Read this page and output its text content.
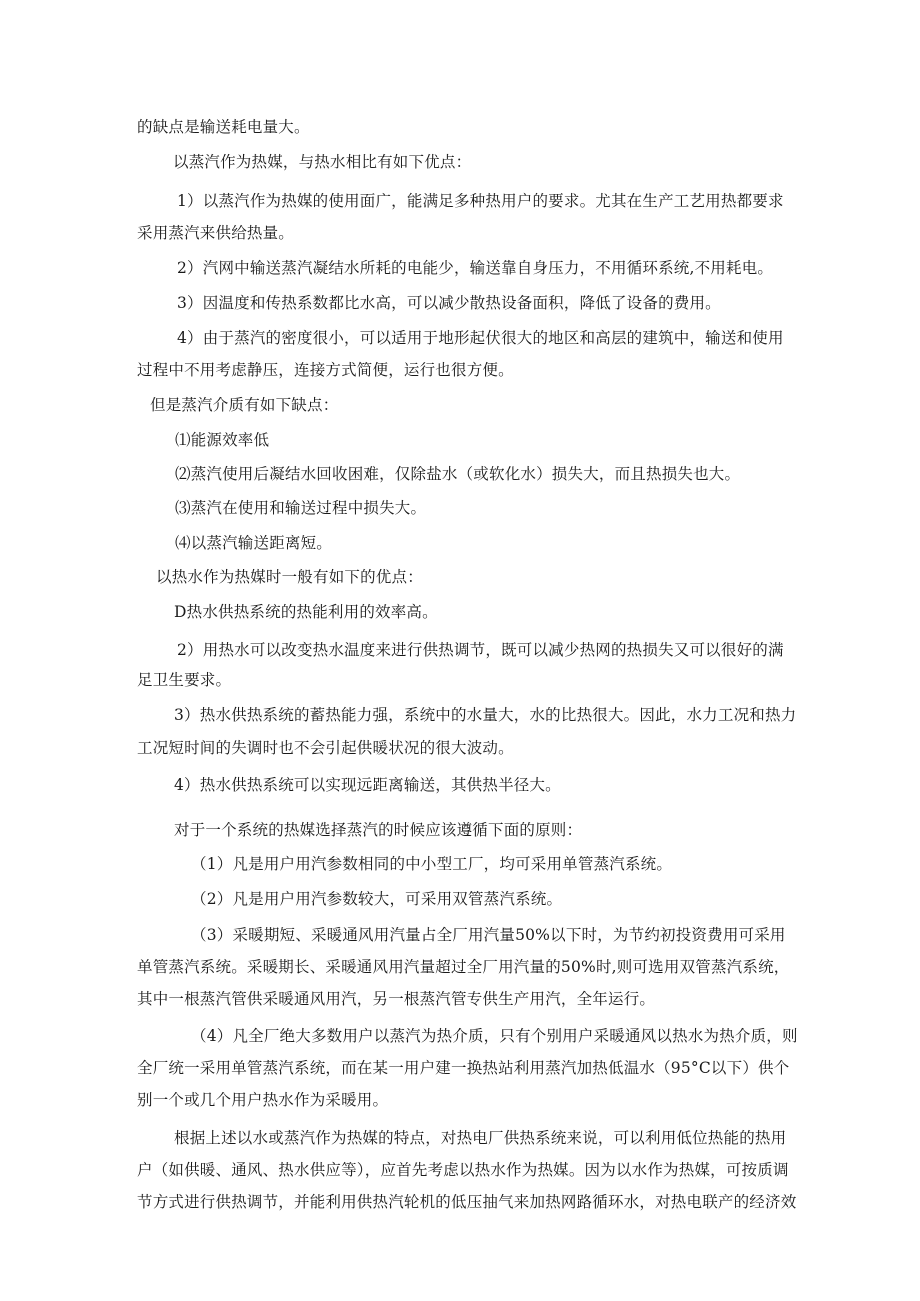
的缺点是输送耗电量大。
以蒸汽作为热媒，与热水相比有如下优点：
1）以蒸汽作为热媒的使用面广，能满足多种热用户的要求。尤其在生产工艺用热都要求
采用蒸汽来供给热量。
2）汽网中输送蒸汽凝结水所耗的电能少，输送靠自身压力，不用循环系统,不用耗电。
3）因温度和传热系数都比水高，可以减少散热设备面积，降低了设备的费用。
4）由于蒸汽的密度很小，可以适用于地形起伏很大的地区和高层的建筑中，输送和使用
过程中不用考虑静压，连接方式简便，运行也很方便。
但是蒸汽介质有如下缺点：
⑴能源效率低
⑵蒸汽使用后凝结水回收困难，仅除盐水（或软化水）损失大，而且热损失也大。
⑶蒸汽在使用和输送过程中损失大。
⑷以蒸汽输送距离短。
以热水作为热媒时一般有如下的优点：
D热水供热系统的热能利用的效率高。
2）用热水可以改变热水温度来进行供热调节，既可以减少热网的热损失又可以很好的满
足卫生要求。
3）热水供热系统的蓄热能力强，系统中的水量大，水的比热很大。因此，水力工况和热力
工况短时间的失调时也不会引起供暖状况的很大波动。
4）热水供热系统可以实现远距离输送，其供热半径大。
对于一个系统的热媒选择蒸汽的时候应该遵循下面的原则：
（1）凡是用户用汽参数相同的中小型工厂，均可采用单管蒸汽系统。
（2）凡是用户用汽参数较大，可采用双管蒸汽系统。
（3）采暖期短、采暖通风用汽量占全厂用汽量50%以下时，为节约初投资费用可采用
单管蒸汽系统。采暖期长、采暖通风用汽量超过全厂用汽量的50%时,则可选用双管蒸汽系统，
其中一根蒸汽管供采暖通风用汽，另一根蒸汽管专供生产用汽，全年运行。
（4）凡全厂绝大多数用户以蒸汽为热介质，只有个别用户采暖通风以热水为热介质，则
全厂统一采用单管蒸汽系统，而在某一用户建一换热站利用蒸汽加热低温水（95°C以下）供个
别一个或几个用户热水作为采暖用。
根据上述以水或蒸汽作为热媒的特点，对热电厂供热系统来说，可以利用低位热能的热用
户（如供暖、通风、热水供应等），应首先考虑以热水作为热媒。因为以水作为热媒，可按质调
节方式进行供热调节，并能利用供热汽轮机的低压抽气来加热网路循环水，对热电联产的经济效
